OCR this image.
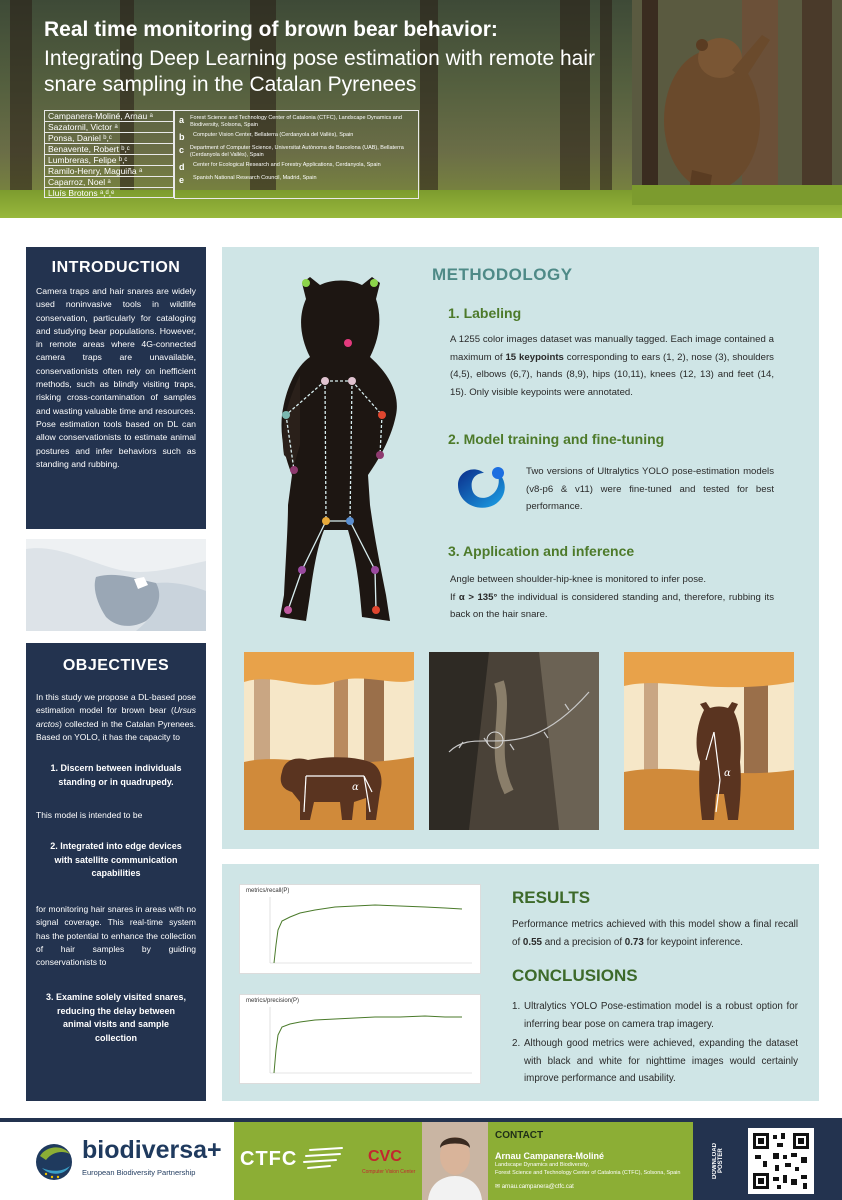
Real time monitoring of brown bear behavior:
Integrating Deep Learning pose estimation with remote hair snare sampling in the Catalan Pyrenees
Campanera-Moliné, Arnau ᵃ
Sazatornil, Victor ᵃ
Ponsa, Daniel ᵇ,ᶜ
Benavente, Robert ᵇ,ᶜ
Lumbreras, Felipe ᵇ,ᶜ
Ramilo-Henry, Maguiña ᵃ
Caparroz, Noel ᵃ
Lluís Brotons ᵃ,ᵈ,ᵉ
a	Forest Science and Technology Center of Catalonia (CTFC), Landscape Dynamics and Biodiversity, Solsona, Spain
b	Computer Vision Center, Bellaterra (Cerdanyola del Vallès), Spain
c	Department of Computer Science, Universitat Autònoma de Barcelona (UAB), Bellaterra (Cerdanyola del Vallès), Spain
d	Center for Ecological Research and Forestry Applications, Cerdanyola, Spain
e	Spanish National Research Council, Madrid, Spain
INTRODUCTION

Camera traps and hair snares are widely used noninvasive tools in wildlife conservation, particularly for cataloging and studying bear populations. However, in remote areas where 4G-connected camera traps are unavailable, conservationists often rely on inefficient methods, such as blindly visiting traps, risking cross-contamination of samples and wasting valuable time and resources.

Pose estimation tools based on DL can allow conservationists to estimate animal postures and infer behaviors such as standing and rubbing.

OBJECTIVES

In this study we propose a DL-based pose estimation model for brown bear (Ursus arctos) collected in the Catalan Pyrenees. Based on YOLO, it has the capacity to

1. Discern between individuals standing or in quadrupedy.

This model is intended to be

2. Integrated into edge devices with satellite communication capabilities

for monitoring hair snares in areas with no signal coverage. This real-time system has the potential to enhance the collection of hair samples by guiding conservationists to

3. Examine solely visited snares, reducing the delay between animal visits and sample collection
METHODOLOGY
1. Labeling

A 1255 color images dataset was manually tagged. Each image contained a maximum of 15 keypoints corresponding to ears (1, 2), nose (3), shoulders (4,5), elbows (6,7), hands (8,9), hips (10,11), knees (12, 13) and feet (14, 15). Only visible keypoints were annotated.

2. Model training and fine-tuning

Two versions of Ultralytics YOLO pose-estimation models (v8-p6 & v11) were fine-tuned and tested for best performance.

3. Application and inference

Angle between shoulder-hip-knee is monitored to infer pose.
If α > 135° the individual is considered standing and, therefore, rubbing its back on the hair snare.

α
α
metrics/recall(P)
metrics/precision(P)
RESULTS

Performance metrics achieved with this model show a final recall of 0.55 and a precision of 0.73 for keypoint inference.

CONCLUSIONS
1. Ultralytics YOLO Pose-estimation model is a robust option for inferring bear pose on camera trap imagery.
2. Although good metrics were achieved, expanding the dataset with black and white for nighttime images would certainly improve performance and usability.
biodiversa+
European Biodiversity Partnership
CTFC	CVC
Computer Vision Center
CONTACT
Arnau Campanera-Moliné
Landscape Dynamics and Biodiversity,
Forest Science and Technology Center of Catalonia (CTFC), Solsona, Spain
✉ arnau.campanera@ctfc.cat
DOWNLOAD POSTER
